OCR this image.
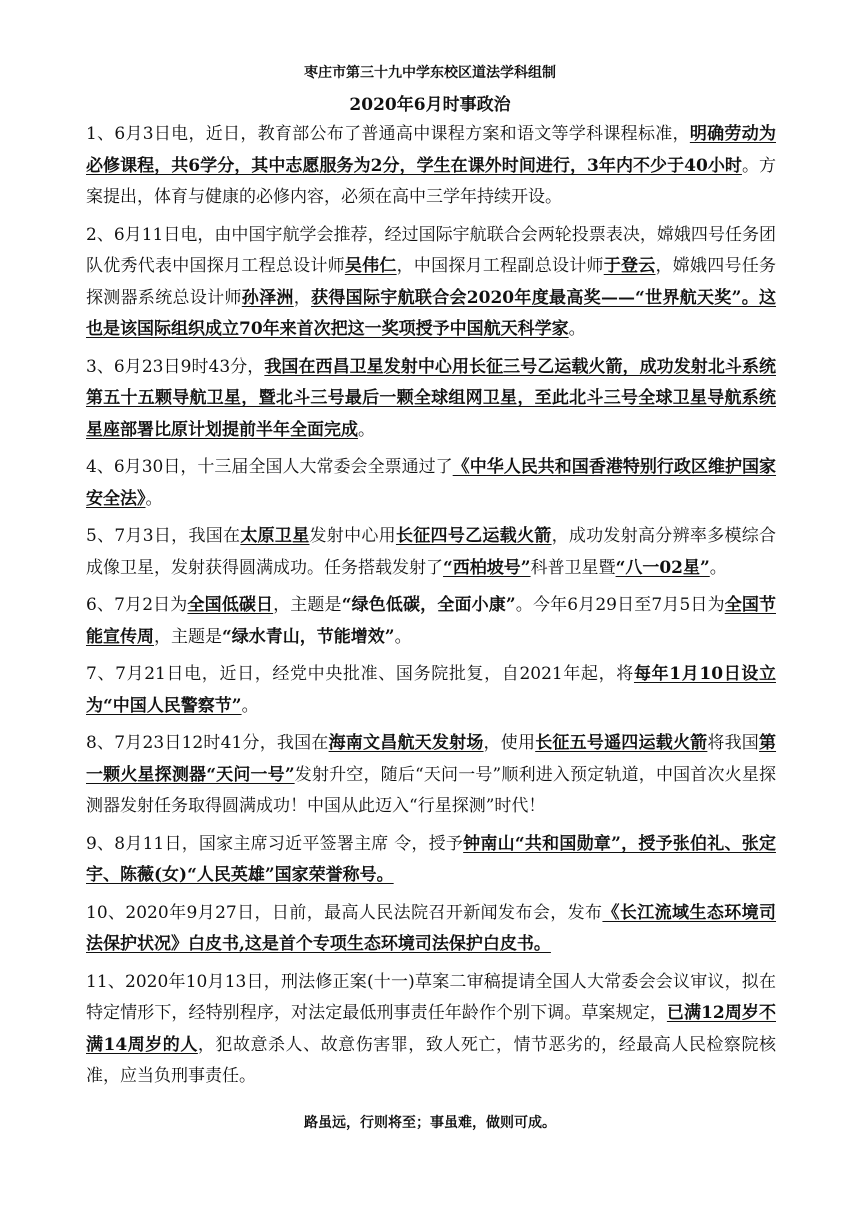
枣庄市第三十九中学东校区道法学科组制
2020年6月时事政治
1、6月3日电，近日，教育部公布了普通高中课程方案和语文等学科课程标准，明确劳动为必修课程，共6学分，其中志愿服务为2分，学生在课外时间进行，3年内不少于40小时。方案提出，体育与健康的必修内容，必须在高中三学年持续开设。
2、6月11日电，由中国宇航学会推荐，经过国际宇航联合会两轮投票表决，嫦娥四号任务团队优秀代表中国探月工程总设计师吴伟仁，中国探月工程副总设计师于登云，嫦娥四号任务探测器系统总设计师孙泽洲，获得国际宇航联合会2020年度最高奖——“世界航天奖”。这也是该国际组织成立70年来首次把这一奖项授予中国航天科学家。
3、6月23日9时43分，我国在西昌卫星发射中心用长征三号乙运载火箭，成功发射北斗系统第五十五颗导航卫星，暨北斗三号最后一颗全球组网卫星，至此北斗三号全球卫星导航系统星座部署比原计划提前半年全面完成。
4、6月30日，十三届全国人大常委会全票通过了《中华人民共和国香港特别行政区维护国家安全法》。
5、7月3日，我国在太原卫星发射中心用长征四号乙运载火箭，成功发射高分辨率多模综合成像卫星，发射获得圆满成功。任务搭载发射了“西柏坡号”科普卫星暨“八一02星”。
6、7月2日为全国低碳日，主题是“绿色低碳，全面小康”。今年6月29日至7月5日为全国节能宣传周，主题是“绿水青山，节能增效”。
7、7月21日电，近日，经党中央批准、国务院批复，自2021年起，将每年1月10日设立为“中国人民警察节”。
8、7月23日12时41分，我国在海南文昌航天发射场，使用长征五号遥四运载火箭将我国第一颗火星探测器“天问一号”发射升空，随后“天问一号”顺利进入预定轨道，中国首次火星探测器发射任务取得圆满成功！中国从此迈入“行星探测”时代！
9、8月11日，国家主席习近平签署主席 令，授予钟南山“共和国勋章”，授予张伯礼、张定宇、陈薇(女)“人民英雄”国家荣誉称号。
10、2020年9月27日，日前，最高人民法院召开新闻发布会，发布《长江流域生态环境司法保护状况》白皮书,这是首个专项生态环境司法保护白皮书。
11、2020年10月13日，刑法修正案(十一)草案二审稿提请全国人大常委会会议审议，拟在特定情形下，经特别程序，对法定最低刑事责任年龄作个别下调。草案规定，已满12周岁不满14周岁的人，犯故意杀人、故意伤害罪，致人死亡，情节恶劣的，经最高人民检察院核准，应当负刑事责任。
路虽远，行则将至；事虽难，做则可成。
